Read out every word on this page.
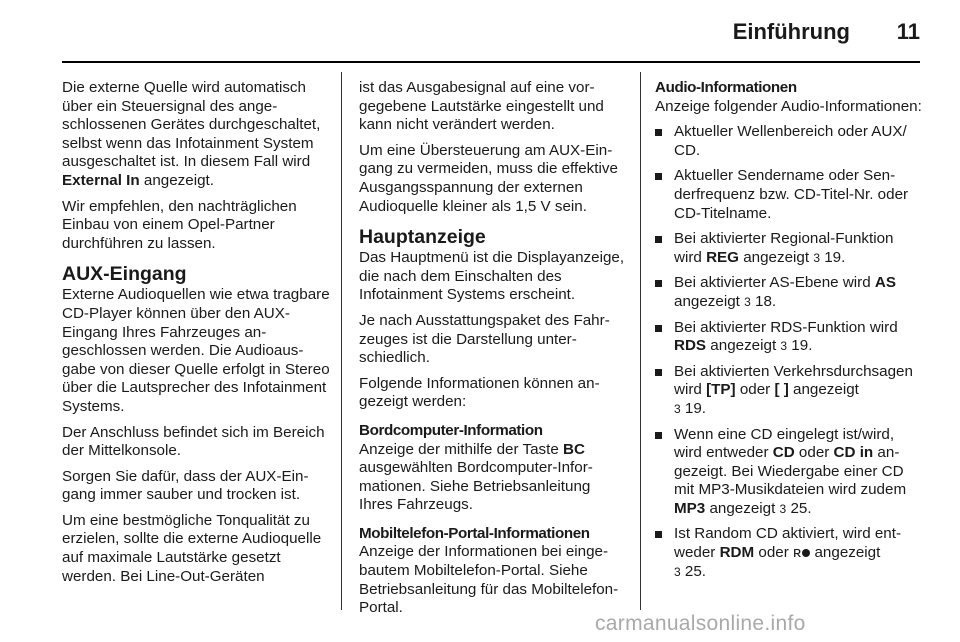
Einführung	11

Die externe Quelle wird automatisch über ein Steuersignal des angeschlossenen Gerätes durchgeschaltet, selbst wenn das Infotainment System ausgeschaltet ist. In diesem Fall wird External In angezeigt.

Wir empfehlen, den nachträglichen Einbau von einem Opel-Partner durchführen zu lassen.

AUX-Eingang

Externe Audioquellen wie etwa tragbare CD-Player können über den AUX-Eingang Ihres Fahrzeuges angeschlossen werden. Die Audioausgabe von dieser Quelle erfolgt in Stereo über die Lautsprecher des Infotainment Systems.

Der Anschluss befindet sich im Bereich der Mittelkonsole.

Sorgen Sie dafür, dass der AUX-Eingang immer sauber und trocken ist.

Um eine bestmögliche Tonqualität zu erzielen, sollte die externe Audioquelle auf maximale Lautstärke gesetzt werden. Bei Line-Out-Geräten

ist das Ausgabesignal auf eine vorgegebene Lautstärke eingestellt und kann nicht verändert werden.

Um eine Übersteuerung am AUX-Eingang zu vermeiden, muss die effektive Ausgangsspannung der externen Audioquelle kleiner als 1,5 V sein.

Hauptanzeige

Das Hauptmenü ist die Displayanzeige, die nach dem Einschalten des Infotainment Systems erscheint.

Je nach Ausstattungspaket des Fahrzeuges ist die Darstellung unterschiedlich.

Folgende Informationen können angezeigt werden:

Bordcomputer-Information

Anzeige der mithilfe der Taste BC ausgewählten Bordcomputer-Informationen. Siehe Betriebsanleitung Ihres Fahrzeugs.

Mobiltelefon-Portal-Informationen

Anzeige der Informationen bei eingebautem Mobiltelefon-Portal. Siehe Betriebsanleitung für das Mobiltelefon-Portal.

Audio-Informationen

Anzeige folgender Audio-Informationen:

Aktueller Wellenbereich oder AUX/ CD.
Aktueller Sendername oder Senderfrequenz bzw. CD-Titel-Nr. oder CD-Titelname.
Bei aktivierter Regional-Funktion wird REG angezeigt 3 19.
Bei aktivierter AS-Ebene wird AS angezeigt 3 18.
Bei aktivierter RDS-Funktion wird RDS angezeigt 3 19.
Bei aktivierten Verkehrsdurchsagen wird [TP] oder [ ] angezeigt
3 19.
Wenn eine CD eingelegt ist/wird, wird entweder CD oder CD in angezeigt. Bei Wiedergabe einer CD mit MP3-Musikdateien wird zudem MP3 angezeigt 3 25.
Ist Random CD aktiviert, wird entweder RDM oder ʀ angezeigt
3 25.
carmanualsonline.info
